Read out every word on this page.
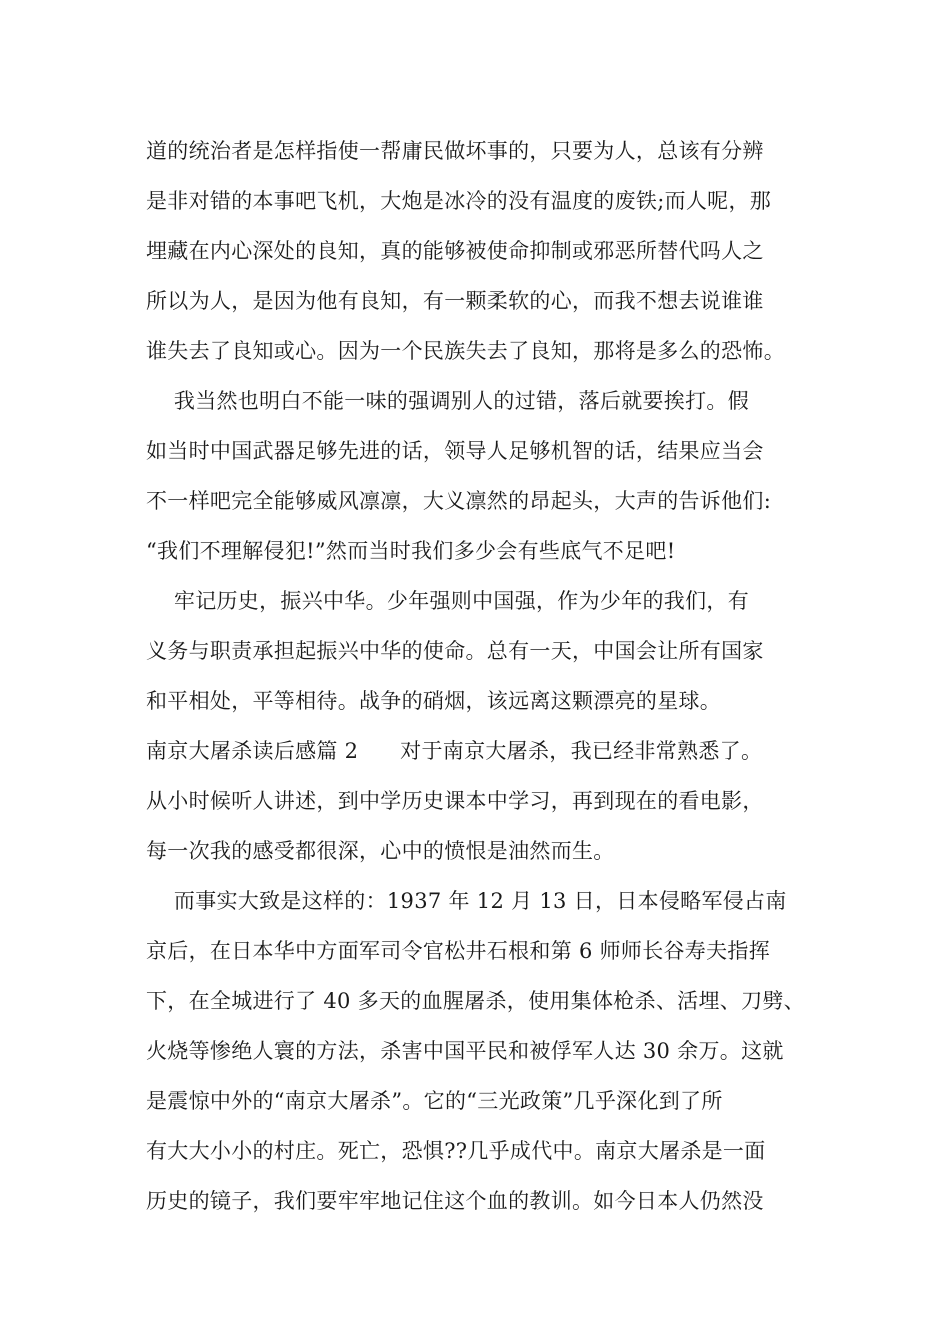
道的统治者是怎样指使一帮庸民做坏事的，只要为人，总该有分辨
是非对错的本事吧飞机，大炮是冰冷的没有温度的废铁;而人呢，那
埋藏在内心深处的良知，真的能够被使命抑制或邪恶所替代吗人之
所以为人，是因为他有良知，有一颗柔软的心，而我不想去说谁谁
谁失去了良知或心。因为一个民族失去了良知，那将是多么的恐怖。
我当然也明白不能一味的强调别人的过错，落后就要挨打。假
如当时中国武器足够先进的话，领导人足够机智的话，结果应当会
不一样吧完全能够威风凛凛，大义凛然的昂起头，大声的告诉他们:
“我们不理解侵犯!”然而当时我们多少会有些底气不足吧!
牢记历史，振兴中华。少年强则中国强，作为少年的我们，有
义务与职责承担起振兴中华的使命。总有一天，中国会让所有国家
和平相处，平等相待。战争的硝烟，该远离这颗漂亮的星球。
南京大屠杀读后感篇 2      对于南京大屠杀，我已经非常熟悉了。
从小时候听人讲述，到中学历史课本中学习，再到现在的看电影，
每一次我的感受都很深，心中的愤恨是油然而生。
而事实大致是这样的：1937 年 12 月 13 日，日本侵略军侵占南
京后，在日本华中方面军司令官松井石根和第 6 师师长谷寿夫指挥
下，在全城进行了 40 多天的血腥屠杀，使用集体枪杀、活埋、刀劈、
火烧等惨绝人寰的方法，杀害中国平民和被俘军人达 30 余万。这就
是震惊中外的“南京大屠杀”。它的“三光政策”几乎深化到了所
有大大小小的村庄。死亡，恐惧??几乎成代中。南京大屠杀是一面
历史的镜子，我们要牢牢地记住这个血的教训。如今日本人仍然没
